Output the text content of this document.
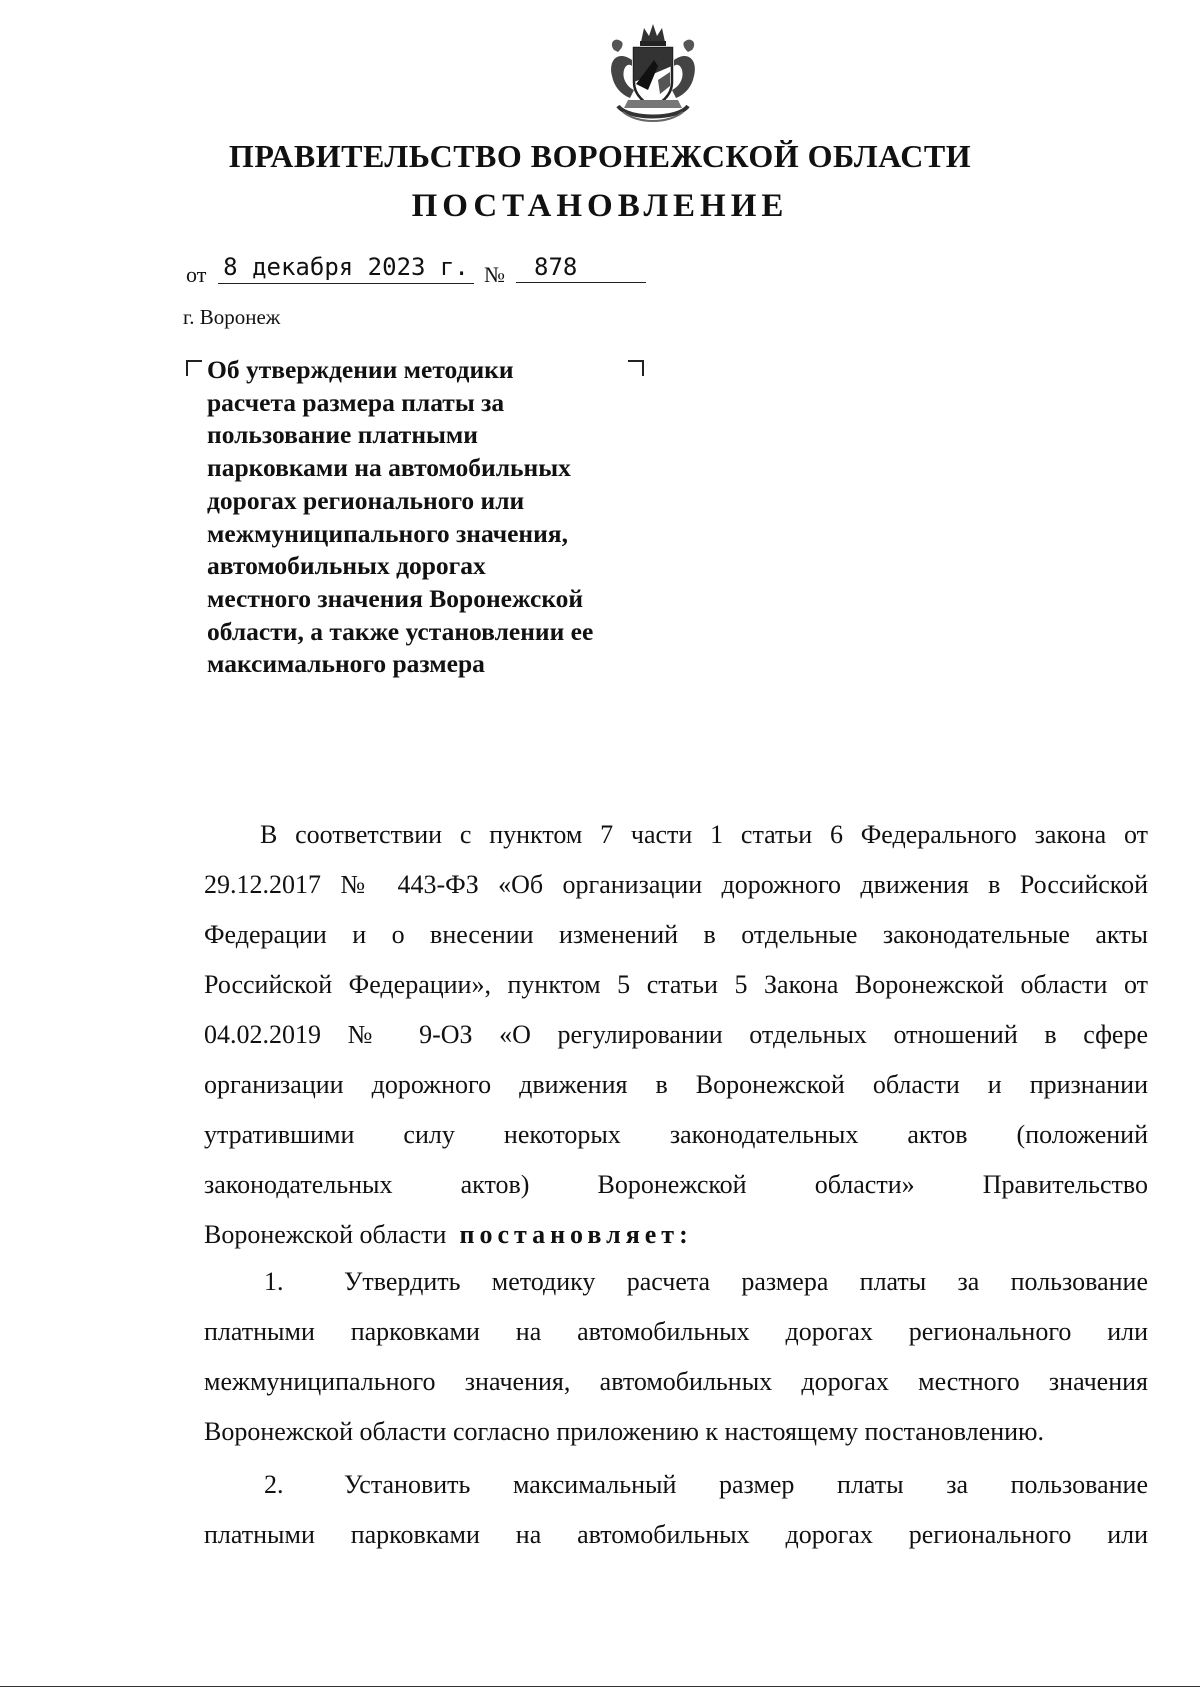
ПРАВИТЕЛЬСТВО ВОРОНЕЖСКОЙ ОБЛАСТИ
ПОСТАНОВЛЕНИЕ
от 8 декабря 2023 г. №	878
г. Воронеж
Об утверждении методики
расчета размера платы за
пользование платными
парковками на автомобильных
дорогах регионального или
межмуниципального значения,
автомобильных дорогах
местного значения Воронежской
области, а также установлении ее
максимального размера
В соответствии с пунктом 7 части 1 статьи 6 Федерального закона от
29.12.2017 № 443-ФЗ «Об организации дорожного движения в Российской
Федерации и о внесении изменений в отдельные законодательные акты
Российской Федерации», пунктом 5 статьи 5 Закона Воронежской области от
04.02.2019 № 9-ОЗ «О регулировании отдельных отношений в сфере
организации дорожного движения в Воронежской области и признании
утратившими силу некоторых законодательных актов (положений
законодательных актов) Воронежской области» Правительство
Воронежской области постановляет:
1. Утвердить методику расчета размера платы за пользование
платными парковками на автомобильных дорогах регионального или
межмуниципального значения, автомобильных дорогах местного значения
Воронежской области согласно приложению к настоящему постановлению.
2. Установить максимальный размер платы за пользование
платными парковками на автомобильных дорогах регионального или
